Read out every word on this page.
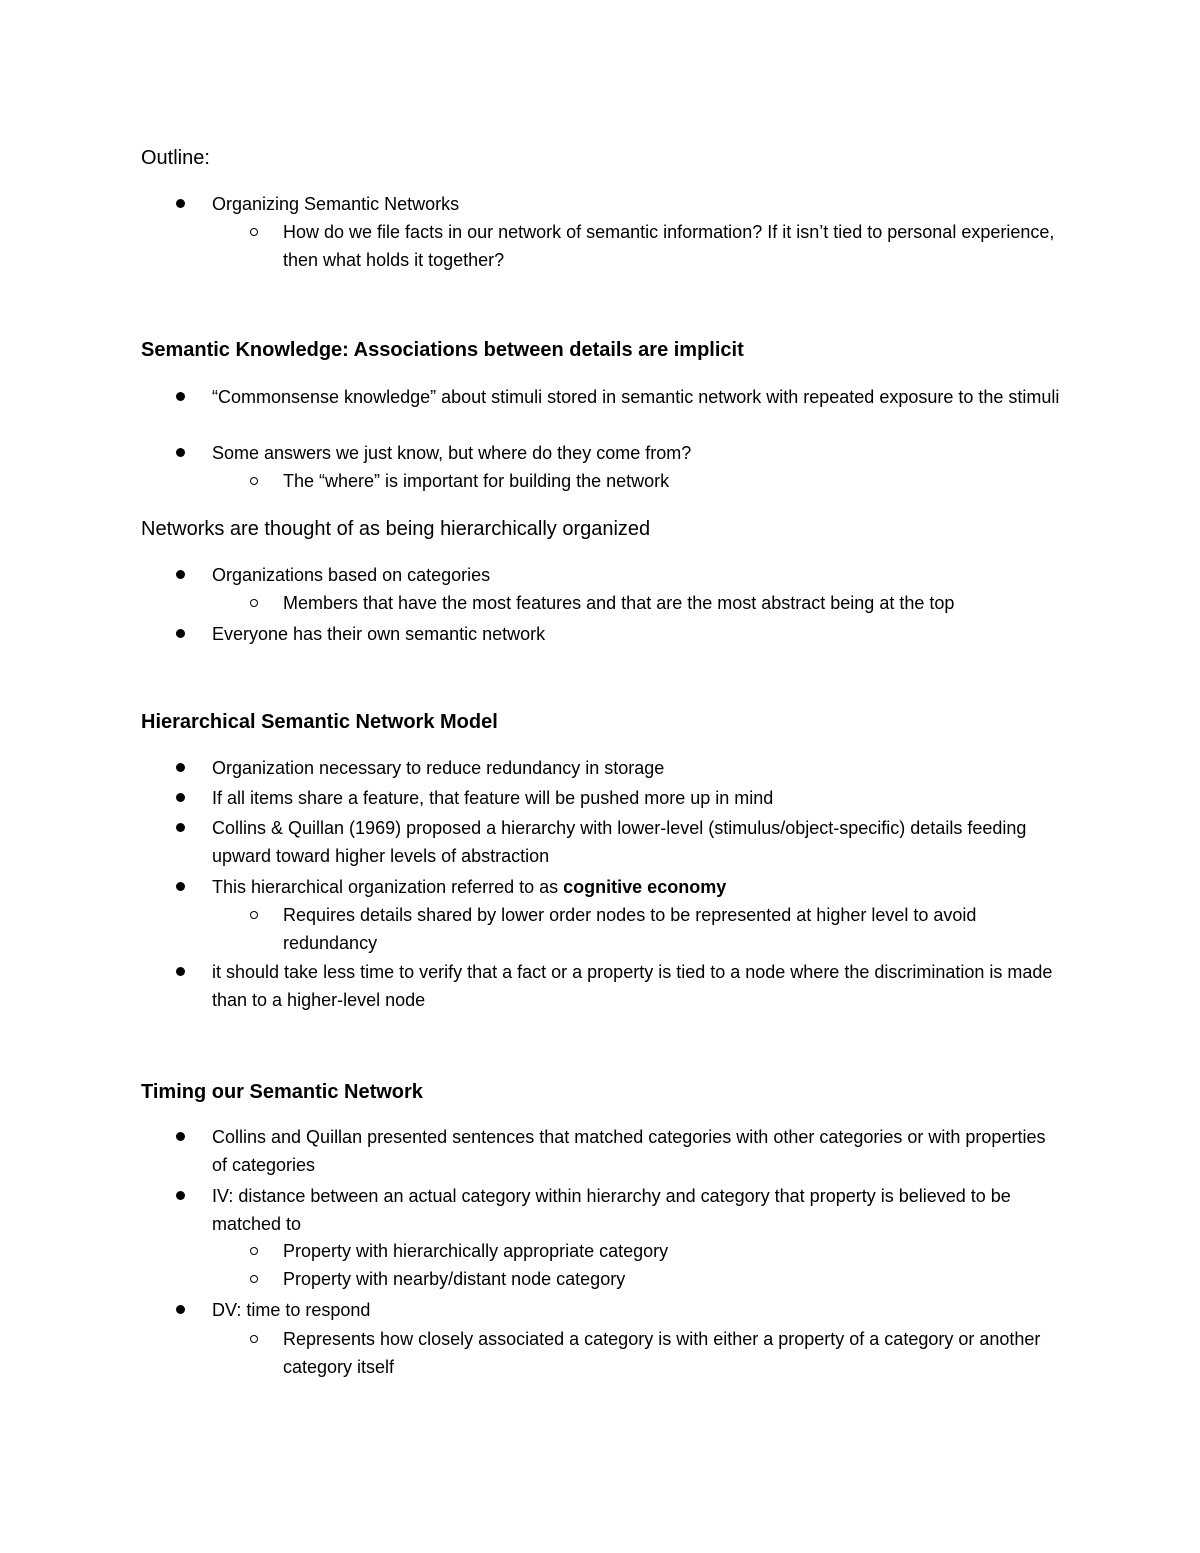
Outline:
Organizing Semantic Networks
How do we file facts in our network of semantic information? If it isn’t tied to personal experience, then what holds it together?
Semantic Knowledge: Associations between details are implicit
“Commonsense knowledge” about stimuli stored in semantic network with repeated exposure to the stimuli
Some answers we just know, but where do they come from?
The “where” is important for building the network
Networks are thought of as being hierarchically organized
Organizations based on categories
Members that have the most features and that are the most abstract being at the top
Everyone has their own semantic network
Hierarchical Semantic Network Model
Organization necessary to reduce redundancy in storage
If all items share a feature, that feature will be pushed more up in mind
Collins & Quillan (1969) proposed a hierarchy with lower-level (stimulus/object-specific) details feeding upward toward higher levels of abstraction
This hierarchical organization referred to as cognitive economy
Requires details shared by lower order nodes to be represented at higher level to avoid redundancy
it should take less time to verify that a fact or a property is tied to a node where the discrimination is made than to a higher-level node
Timing our Semantic Network
Collins and Quillan presented sentences that matched categories with other categories or with properties of categories
IV: distance between an actual category within hierarchy and category that property is believed to be matched to
Property with hierarchically appropriate category
Property with nearby/distant node category
DV: time to respond
Represents how closely associated a category is with either a property of a category or another category itself
